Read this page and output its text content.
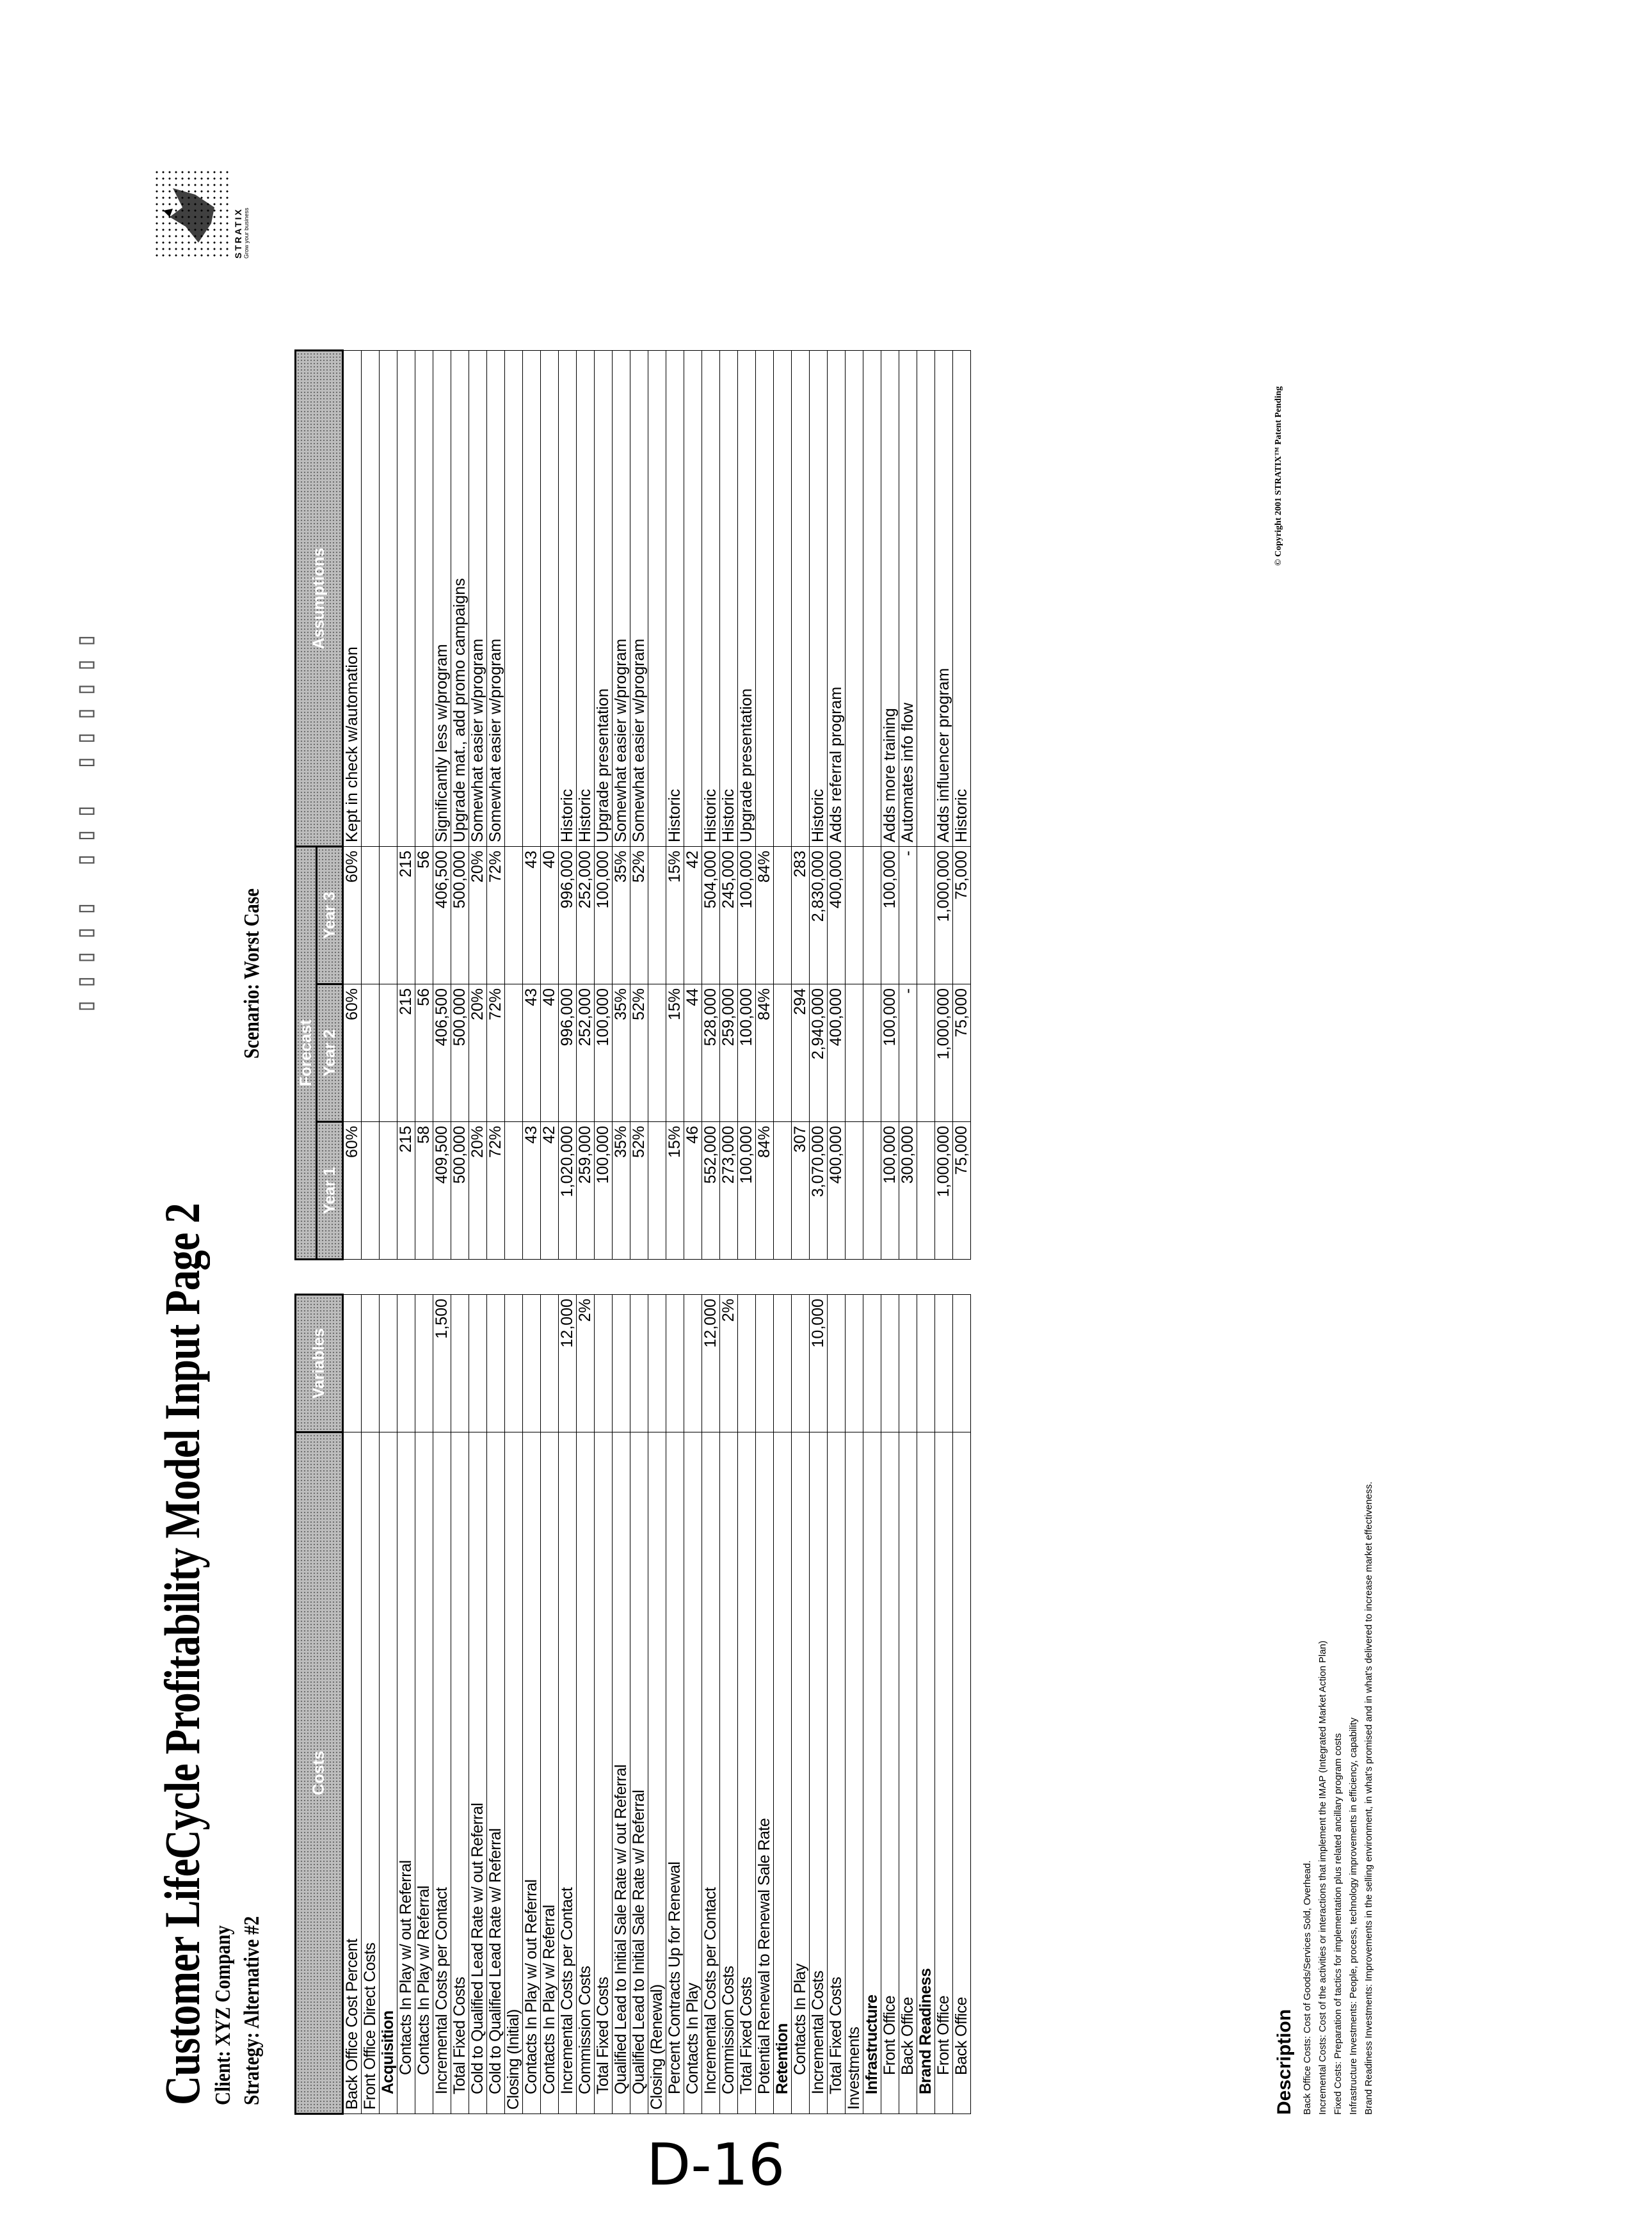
▯▯▯▯▯ ▯▯▯ ▯▯▯▯▯▯
Customer LifeCycle Profitability Model Input Page 2 Client: XYZ Company Strategy: Alternative #2
Scenario: Worst Case
STRATIX Grow your business
Costs	Variables		Forecast			Assumptions
			Year 1	Year 2	Year 3	
Back Office Cost Percent			60%	60%	60%	Kept in check w/automation
Front Office Direct Costs						
Acquisition						
Contacts In Play w/ out Referral			215	215	215	
Contacts In Play w/ Referral			58	56	56	
Incremental Costs per Contact	1,500		409,500	406,500	406,500	Significantly less w/program
Total Fixed Costs			500,000	500,000	500,000	Upgrade mat., add promo campaigns
Cold to Qualified Lead Rate w/ out Referral			20%	20%	20%	Somewhat easier w/program
Cold to Qualified Lead Rate w/ Referral			72%	72%	72%	Somewhat easier w/program
Closing (Initial)						
Contacts In Play w/ out Referral			43	43	43	
Contacts In Play w/ Referral			42	40	40	
Incremental Costs per Contact	12,000		1,020,000	996,000	996,000	Historic
Commission Costs	2%		259,000	252,000	252,000	Historic
Total Fixed Costs			100,000	100,000	100,000	Upgrade presentation
Qualified Lead to Initial Sale Rate w/ out Referral			35%	35%	35%	Somewhat easier w/program
Qualified Lead to Initial Sale Rate w/ Referral			52%	52%	52%	Somewhat easier w/program
Closing (Renewal)						
Percent Contracts Up for Renewal			15%	15%	15%	Historic
Contacts In Play			46	44	42	
Incremental Costs per Contact	12,000		552,000	528,000	504,000	Historic
Commission Costs	2%		273,000	259,000	245,000	Historic
Total Fixed Costs			100,000	100,000	100,000	Upgrade presentation
Potential Renewal to Renewal Sale Rate			84%	84%	84%	
Retention						
Contacts In Play			307	294	283	
Incremental Costs	10,000		3,070,000	2,940,000	2,830,000	Historic
Total Fixed Costs			400,000	400,000	400,000	Adds referral program
Investments						
Infrastructure						
Front Office			100,000	100,000	100,000	Adds more training
Back Office			300,000	-	-	Automates info flow
Brand Readiness						
Front Office			1,000,000	1,000,000	1,000,000	Adds influencer program
Back Office			75,000	75,000	75,000	Historic
Description Back Office Costs: Cost of Goods/Services Sold, Overhead. Incremental Costs: Cost of the activities or interactions that implement the IMAP (Integrated Market Action Plan) Fixed Costs: Preparation of tactics for implementation plus related ancillary program costs Infrastructure Investments: People, process, technology improvements in efficiency, capability Brand Readiness Investments: Improvements in the selling environment, in what's promised and in what's delivered to increase market effectiveness.

© Copyright 2001 STRATIX™ Patent Pending
D-16
